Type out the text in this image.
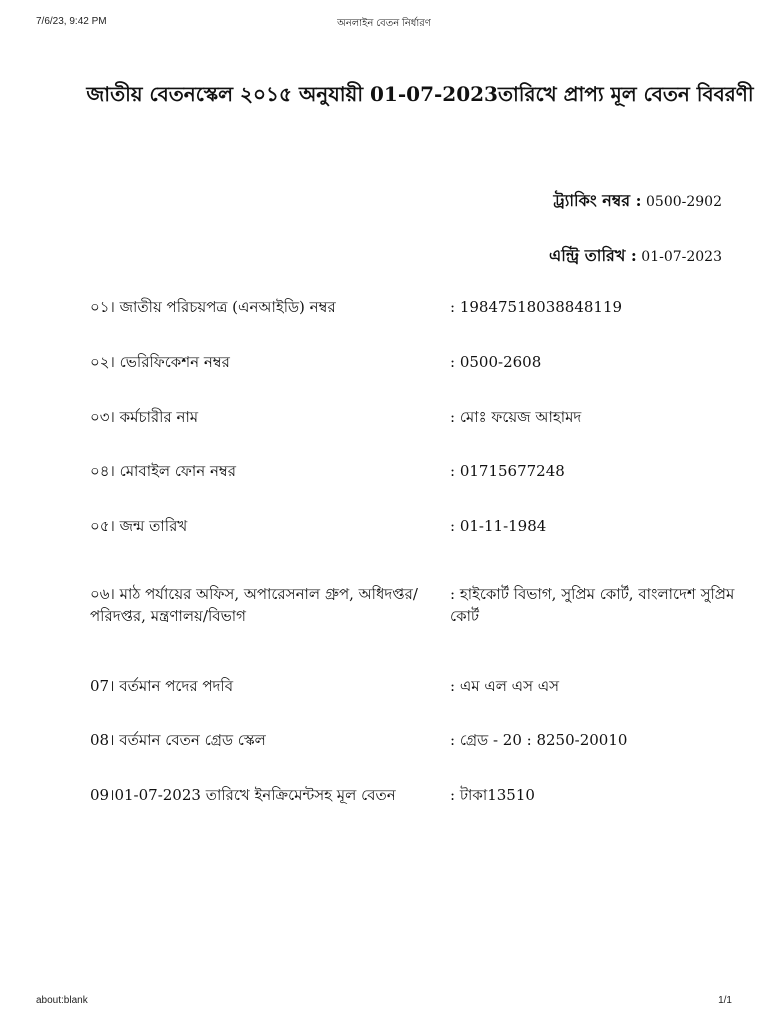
7/6/23, 9:42 PM	অনলাইন বেতন নির্ধারণ
জাতীয় বেতনস্কেল ২০১৫ অনুযায়ী 01-07-2023তারিখে প্রাপ্য মূল বেতন বিবরণী
ট্র্যাকিং নম্বর : 0500-2902
এন্ট্রি তারিখ : 01-07-2023
০১। জাতীয় পরিচয়পত্র (এনআইডি) নম্বর	: 19847518038848119
০২। ভেরিফিকেশন নম্বর	: 0500-2608
০৩। কর্মচারীর নাম	: মোঃ ফয়েজ আহামদ
০৪। মোবাইল ফোন নম্বর	: 01715677248
০৫। জন্ম তারিখ	: 01-11-1984
০৬। মাঠ পর্যায়ের অফিস, অপারেসনাল গ্রুপ, অধিদপ্তর/পরিদপ্তর, মন্ত্রণালয়/বিভাগ
: হাইকোর্ট বিভাগ, সুপ্রিম কোর্ট, বাংলাদেশ সুপ্রিম কোর্ট
07। বর্তমান পদের পদবি	: এম এল এস এস
08। বর্তমান বেতন গ্রেড স্কেল	: গ্রেড - 20 : 8250-20010
09।01-07-2023 তারিখে ইনক্রিমেন্টসহ মূল বেতন	: টাকা13510
about:blank	1/1
